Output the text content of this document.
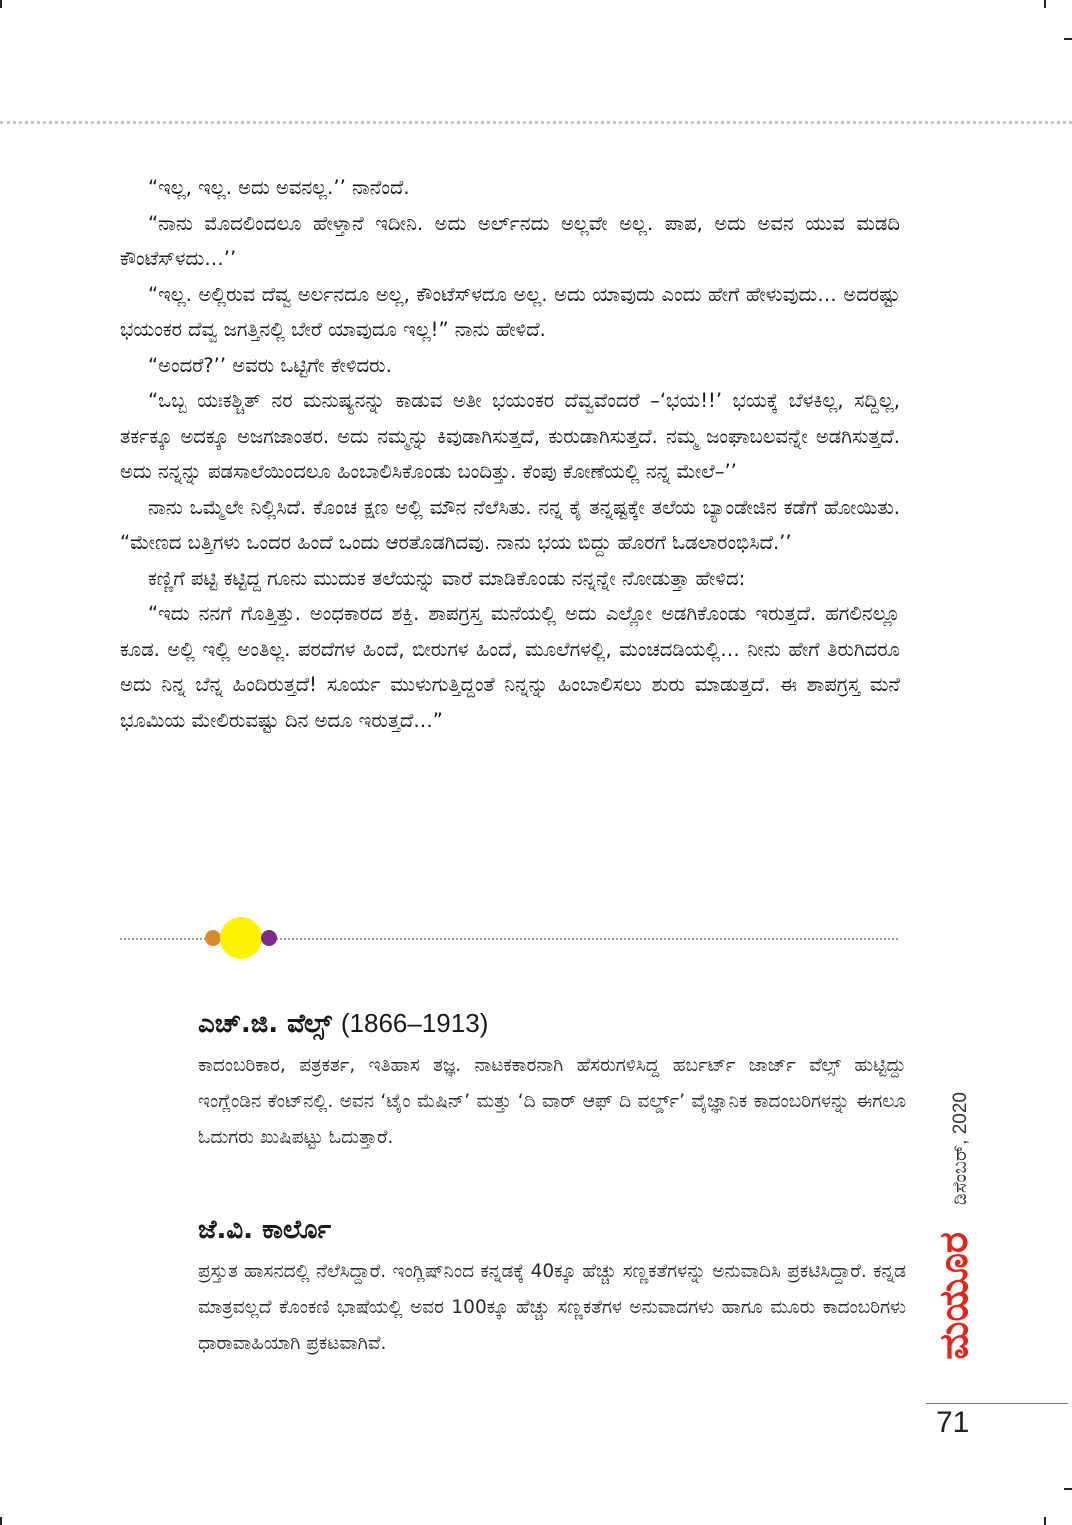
“ಇಲ್ಲ, ಇಲ್ಲ. ಅದು ಅವನಲ್ಲ.’’ ನಾನೆಂದೆ.

“ನಾನು ಮೊದಲಿಂದಲೂ ಹೇಳ್ತಾನೆ ಇದೀನಿ. ಅದು ಅರ್ಲ್‌ನದು ಅಲ್ಲವೇ ಅಲ್ಲ. ಪಾಪ, ಅದು ಅವನ ಯುವ ಮಡದಿ ಕೌಂಟೆಸ್‌ಳದು…’’

“ಇಲ್ಲ. ಅಲ್ಲಿರುವ ದೆವ್ವ ಅರ್ಲನದೂ ಅಲ್ಲ, ಕೌಂಟೆಸ್‌ಳದೂ ಅಲ್ಲ. ಅದು ಯಾವುದು ಎಂದು ಹೇಗೆ ಹೇಳುವುದು… ಅದರಷ್ಟು ಭಯಂಕರ ದೆವ್ವ ಜಗತ್ತಿನಲ್ಲಿ ಬೇರೆ ಯಾವುದೂ ಇಲ್ಲ!” ನಾನು ಹೇಳಿದೆ.

“ಅಂದರೆ?’’ ಅವರು ಒಟ್ಟಿಗೇ ಕೇಳಿದರು.

“ಒಬ್ಬ ಯಃಕಶ್ಚಿತ್ ನರ ಮನುಷ್ಯನನ್ನು ಕಾಡುವ ಅತೀ ಭಯಂಕರ ದೆವ್ವವೆಂದರೆ –‘ಭಯ!!’ ಭಯಕ್ಕೆ ಬೆಳಕಿಲ್ಲ, ಸದ್ದಿಲ್ಲ, ತರ್ಕಕ್ಕೂ ಅದಕ್ಕೂ ಅಜಗಜಾಂತರ. ಅದು ನಮ್ಮನ್ನು ಕಿವುಡಾಗಿಸುತ್ತದೆ, ಕುರುಡಾಗಿಸುತ್ತದೆ. ನಮ್ಮ ಜಂಘಾಬಲವನ್ನೇ ಅಡಗಿಸುತ್ತದೆ. ಅದು ನನ್ನನ್ನು ಪಡಸಾಲೆಯಿಂದಲೂ ಹಿಂಬಾಲಿಸಿಕೊಂಡು ಬಂದಿತ್ತು. ಕೆಂಪು ಕೋಣೆಯಲ್ಲಿ ನನ್ನ ಮೇಲೆ–’’

ನಾನು ಒಮ್ಮೆಲೇ ನಿಲ್ಲಿಸಿದೆ. ಕೊಂಚ ಕ್ಷಣ ಅಲ್ಲಿ ಮೌನ ನೆಲೆಸಿತು. ನನ್ನ ಕೈ ತನ್ನಷ್ಟಕ್ಕೇ ತಲೆಯ ಬ್ಯಾಂಡೇಜಿನ ಕಡೆಗೆ ಹೋಯಿತು. “ಮೇಣದ ಬತ್ತಿಗಳು ಒಂದರ ಹಿಂದೆ ಒಂದು ಆರತೊಡಗಿದವು. ನಾನು ಭಯ ಬಿದ್ದು ಹೊರಗೆ ಓಡಲಾರಂಭಿಸಿದೆ.’’

ಕಣ್ಣಿಗೆ ಪಟ್ಟಿ ಕಟ್ಟಿದ್ದ ಗೂನು ಮುದುಕ ತಲೆಯನ್ನು ವಾರೆ ಮಾಡಿಕೊಂಡು ನನ್ನನ್ನೇ ನೋಡುತ್ತಾ ಹೇಳಿದ:

“ಇದು ನನಗೆ ಗೊತ್ತಿತ್ತು. ಅಂಧಕಾರದ ಶಕ್ತಿ. ಶಾಪಗ್ರಸ್ತ ಮನೆಯಲ್ಲಿ ಅದು ಎಲ್ಲೋ ಅಡಗಿಕೊಂಡು ಇರುತ್ತದೆ. ಹಗಲಿನಲ್ಲೂ ಕೂಡ. ಅಲ್ಲಿ ಇಲ್ಲಿ ಅಂತಿಲ್ಲ. ಪರದೆಗಳ ಹಿಂದೆ, ಬೀರುಗಳ ಹಿಂದೆ, ಮೂಲೆಗಳಲ್ಲಿ, ಮಂಚದಡಿಯಲ್ಲಿ… ನೀನು ಹೇಗೆ ತಿರುಗಿದರೂ ಅದು ನಿನ್ನ ಬೆನ್ನ ಹಿಂದಿರುತ್ತದೆ! ಸೂರ್ಯ ಮುಳುಗುತ್ತಿದ್ದಂತೆ ನಿನ್ನನ್ನು ಹಿಂಬಾಲಿಸಲು ಶುರು ಮಾಡುತ್ತದೆ. ಈ ಶಾಪಗ್ರಸ್ತ ಮನೆ ಭೂಮಿಯ ಮೇಲಿರುವಷ್ಟು ದಿನ ಅದೂ ಇರುತ್ತದೆ…”

ಎಚ್.ಜಿ. ವೆಲ್ಸ್ (1866–1913)

ಕಾದಂಬರಿಕಾರ, ಪತ್ರಕರ್ತ, ಇತಿಹಾಸ ತಜ್ಞ. ನಾಟಕಕಾರನಾಗಿ ಹೆಸರುಗಳಿಸಿದ್ದ ಹರ್ಬರ್ಟ್ ಜಾರ್ಜ್ ವೆಲ್ಸ್ ಹುಟ್ಟಿದ್ದು ಇಂಗ್ಲೆಂಡಿನ ಕೆಂಟ್‌ನಲ್ಲಿ. ಅವನ ‘ಟೈಂ ಮೆಷಿನ್’ ಮತ್ತು ‘ದಿ ವಾರ್ ಆಫ್ ದಿ ವರ್ಲ್ಡ್’ ವೈಜ್ಞಾನಿಕ ಕಾದಂಬರಿಗಳನ್ನು ಈಗಲೂ ಓದುಗರು ಖುಷಿಪಟ್ಟು ಓದುತ್ತಾರೆ.

ಜೆ.ವಿ. ಕಾರ್ಲೊ

ಪ್ರಸ್ತುತ ಹಾಸನದಲ್ಲಿ ನೆಲೆಸಿದ್ದಾರೆ. ಇಂಗ್ಲಿಷ್‌ನಿಂದ ಕನ್ನಡಕ್ಕೆ 40ಕ್ಕೂ ಹೆಚ್ಚು ಸಣ್ಣಕತೆಗಳನ್ನು ಅನುವಾದಿಸಿ ಪ್ರಕಟಿಸಿದ್ದಾರೆ. ಕನ್ನಡ ಮಾತ್ರವಲ್ಲದೆ ಕೊಂಕಣಿ ಭಾಷೆಯಲ್ಲಿ ಅವರ 100ಕ್ಕೂ ಹೆಚ್ಚು ಸಣ್ಣಕತೆಗಳ ಅನುವಾದಗಳು ಹಾಗೂ ಮೂರು ಕಾದಂಬರಿಗಳು ಧಾರಾವಾಹಿಯಾಗಿ ಪ್ರಕಟವಾಗಿವೆ.

ಡಿಸೆಂಬರ್, 2020
ಮಯೂರ
71
